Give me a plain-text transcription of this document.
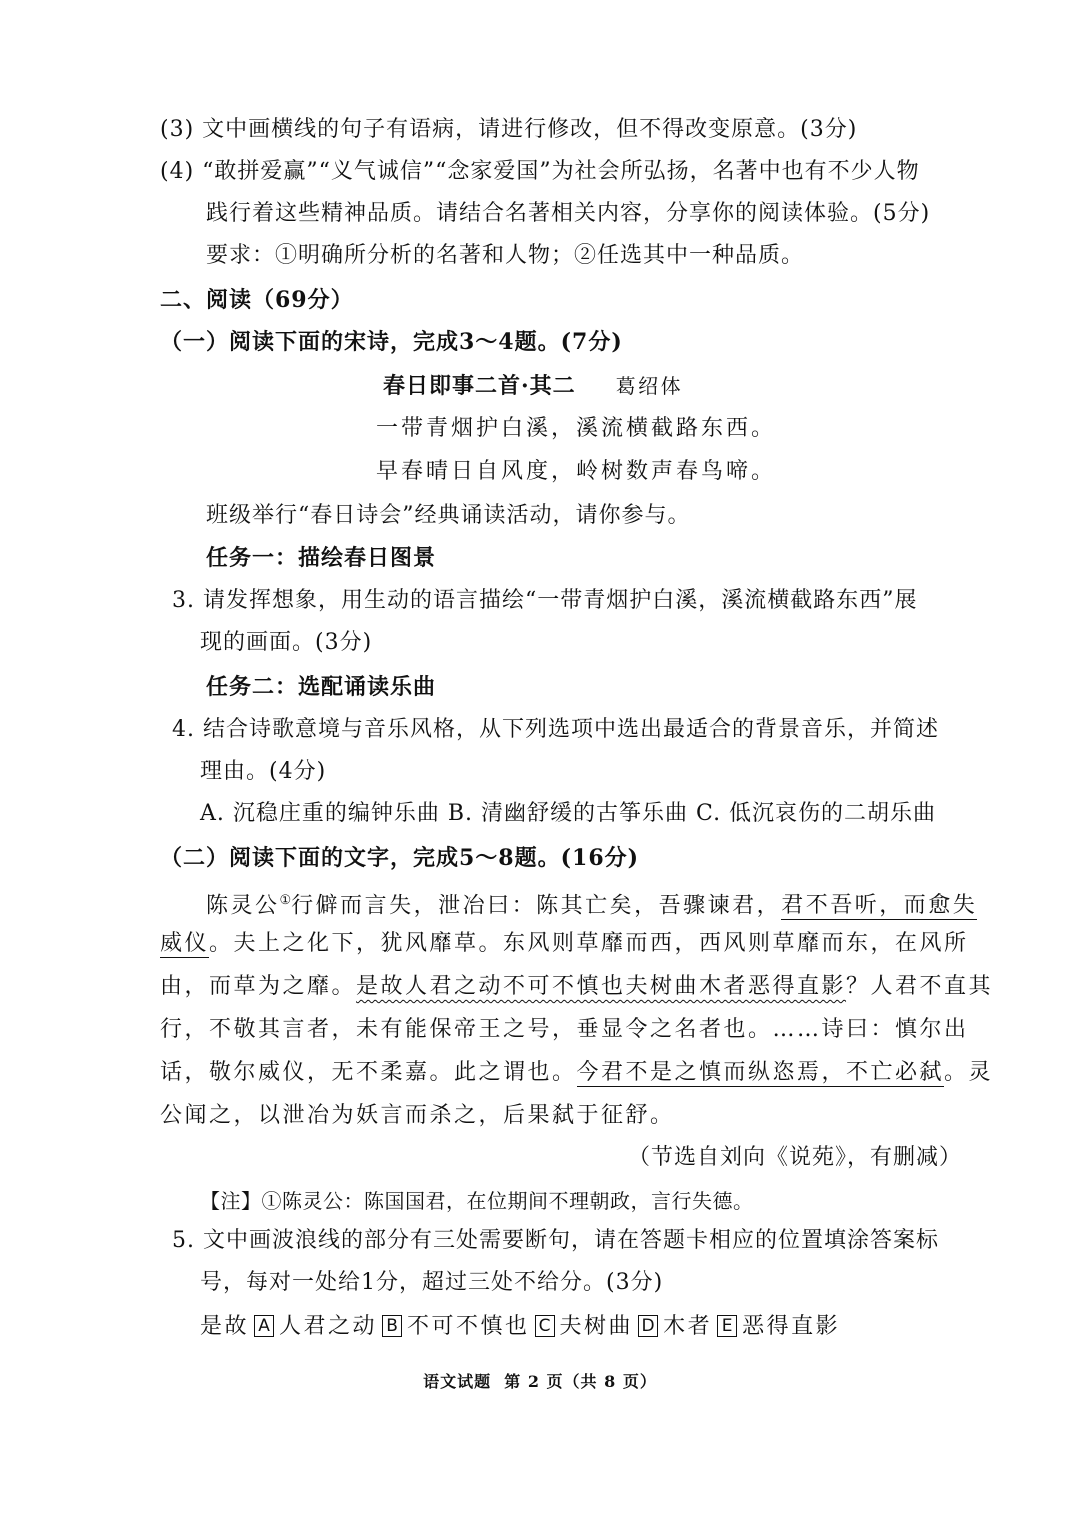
(3) 文中画横线的句子有语病，请进行修改，但不得改变原意。(3分)
(4) “敢拼爱赢”“义气诚信”“念家爱国”为社会所弘扬，名著中也有不少人物
践行着这些精神品质。请结合名著相关内容，分享你的阅读体验。(5分)
要求：①明确所分析的名著和人物；②任选其中一种品质。
二、阅读（69分）
（一）阅读下面的宋诗，完成3～4题。(7分)
春日即事二首·其二 葛绍体
一带青烟护白溪，溪流横截路东西。
早春晴日自风度，岭树数声春鸟啼。
班级举行“春日诗会”经典诵读活动，请你参与。
任务一：描绘春日图景
3. 请发挥想象，用生动的语言描绘“一带青烟护白溪，溪流横截路东西”展
现的画面。(3分)
任务二：选配诵读乐曲
4. 结合诗歌意境与音乐风格，从下列选项中选出最适合的背景音乐，并简述
理由。(4分)
A. 沉稳庄重的编钟乐曲 B. 清幽舒缓的古筝乐曲 C. 低沉哀伤的二胡乐曲
（二）阅读下面的文字，完成5～8题。(16分)
陈灵公①行僻而言失，泄冶曰：陈其亡矣，吾骤谏君，君不吾听，而愈失
威仪。夫上之化下，犹风靡草。东风则草靡而西，西风则草靡而东，在风所
由，而草为之靡。是故人君之动不可不慎也夫树曲木者恶得直影？人君不直其
行，不敬其言者，未有能保帝王之号，垂显令之名者也。……诗曰：慎尔出
话，敬尔威仪，无不柔嘉。此之谓也。今君不是之慎而纵恣焉，不亡必弑。灵
公闻之，以泄冶为妖言而杀之，后果弑于征舒。
（节选自刘向《说苑》，有删减）
【注】①陈灵公：陈国国君，在位期间不理朝政，言行失德。
5. 文中画波浪线的部分有三处需要断句，请在答题卡相应的位置填涂答案标
号，每对一处给1分，超过三处不给分。(3分)
是故 A 人君之动 B 不可不慎也 C 夫树曲 D 木者 E 恶得直影
语文试题  第 2 页（共 8 页）
